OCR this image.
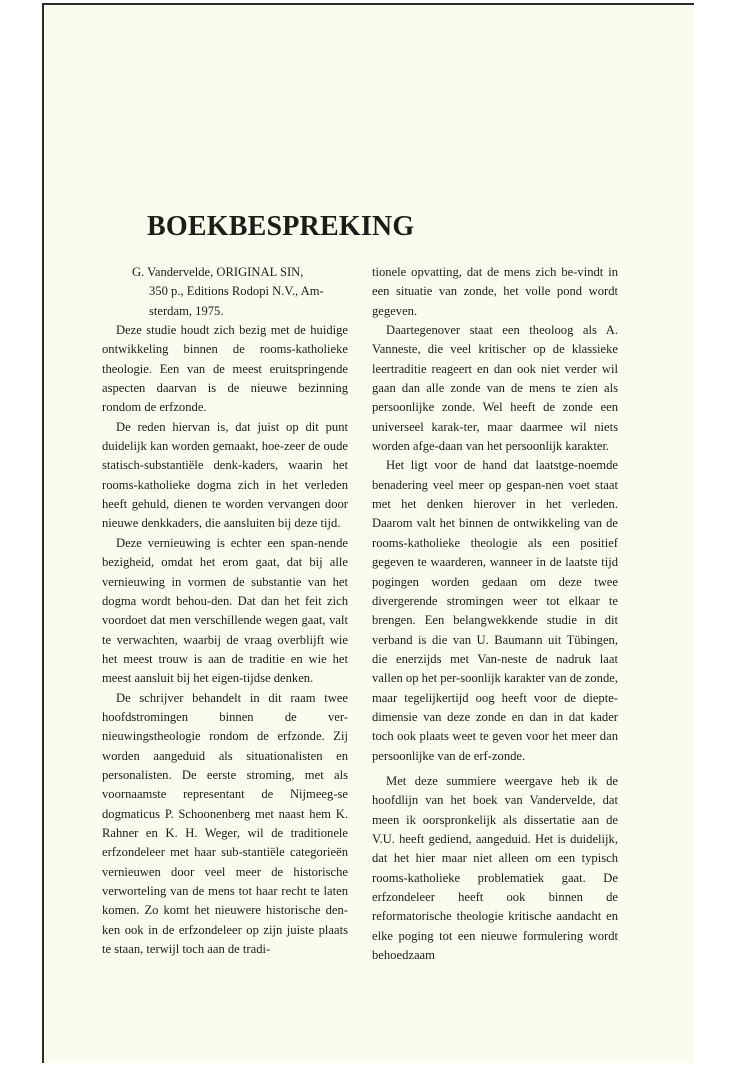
BOEKBESPREKING

G. Vandervelde, ORIGINAL SIN,
350 p., Editions Rodopi N.V., Am-
sterdam, 1975.

Deze studie houdt zich bezig met de huidige ontwikkeling binnen de rooms-katholieke theologie. Een van de meest eruitspringende aspecten daarvan is de nieuwe bezinning rondom de erfzonde.

De reden hiervan is, dat juist op dit punt duidelijk kan worden gemaakt, hoe-zeer de oude statisch-substantiële denk-kaders, waarin het rooms-katholieke dogma zich in het verleden heeft gehuld, dienen te worden vervangen door nieuwe denkkaders, die aansluiten bij deze tijd.

Deze vernieuwing is echter een span-nende bezigheid, omdat het erom gaat, dat bij alle vernieuwing in vormen de substantie van het dogma wordt behou-den. Dat dan het feit zich voordoet dat men verschillende wegen gaat, valt te verwachten, waarbij de vraag overblijft wie het meest trouw is aan de traditie en wie het meest aansluit bij het eigen-tijdse denken.

De schrijver behandelt in dit raam twee hoofdstromingen binnen de ver-nieuwingstheologie rondom de erfzonde. Zij worden aangeduid als situationalisten en personalisten. De eerste stroming, met als voornaamste representant de Nijmeeg-se dogmaticus P. Schoonenberg met naast hem K. Rahner en K. H. Weger, wil de traditionele erfzondeleer met haar sub-stantiële categorieën vernieuwen door veel meer de historische verworteling van de mens tot haar recht te laten komen. Zo komt het nieuwere historische den-ken ook in de erfzondeleer op zijn juiste plaats te staan, terwijl toch aan de tradi-

tionele opvatting, dat de mens zich be-vindt in een situatie van zonde, het volle pond wordt gegeven.

Daartegenover staat een theoloog als A. Vanneste, die veel kritischer op de klassieke leertraditie reageert en dan ook niet verder wil gaan dan alle zonde van de mens te zien als persoonlijke zonde. Wel heeft de zonde een universeel karak-ter, maar daarmee wil niets worden afge-daan van het persoonlijk karakter.

Het ligt voor de hand dat laatstge-noemde benadering veel meer op gespan-nen voet staat met het denken hierover in het verleden. Daarom valt het binnen de ontwikkeling van de rooms-katholieke theologie als een positief gegeven te waarderen, wanneer in de laatste tijd pogingen worden gedaan om deze twee divergerende stromingen weer tot elkaar te brengen. Een belangwekkende studie in dit verband is die van U. Baumann uit Tübingen, die enerzijds met Van-neste de nadruk laat vallen op het per-soonlijk karakter van de zonde, maar tegelijkertijd oog heeft voor de diepte-dimensie van deze zonde en dan in dat kader toch ook plaats weet te geven voor het meer dan persoonlijke van de erf-zonde.

Met deze summiere weergave heb ik de hoofdlijn van het boek van Vandervelde, dat meen ik oorspronkelijk als dissertatie aan de V.U. heeft gediend, aangeduid. Het is duidelijk, dat het hier maar niet alleen om een typisch rooms-katholieke problematiek gaat. De erfzondeleer heeft ook binnen de reformatorische theologie kritische aandacht en elke poging tot een nieuwe formulering wordt behoedzaam
